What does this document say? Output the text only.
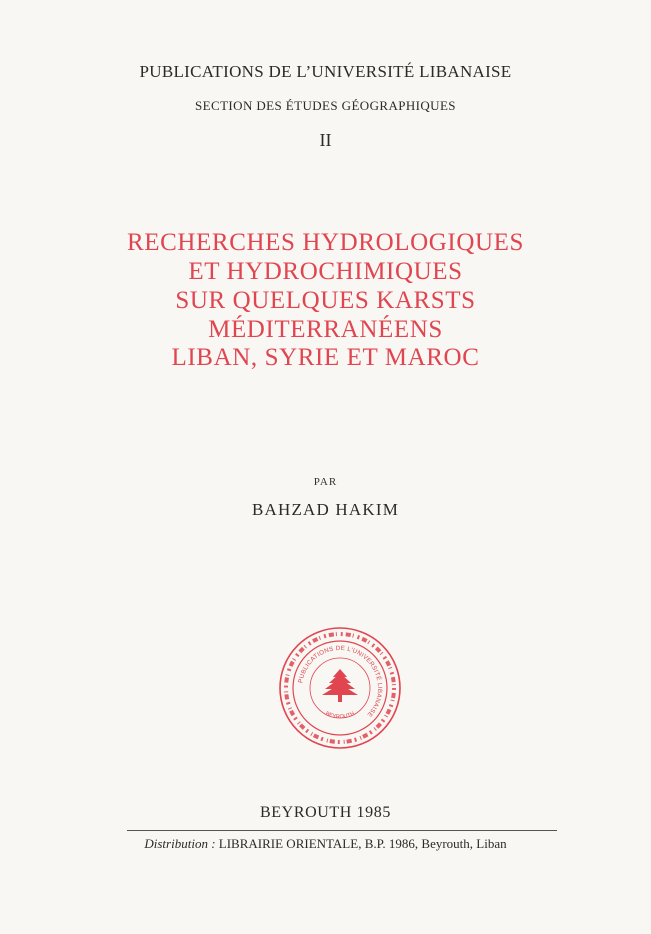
PUBLICATIONS DE L’UNIVERSITÉ LIBANAISE
SECTION DES ÉTUDES GÉOGRAPHIQUES
II
RECHERCHES HYDROLOGIQUES
ET HYDROCHIMIQUES
SUR QUELQUES KARSTS
MÉDITERRANÉENS
LIBAN, SYRIE ET MAROC
PAR
BAHZAD HAKIM
PUBLICATIONS DE L'UNIVERSITÉ LIBANAISE
BEYROUTH
BEYROUTH 1985
Distribution : LIBRAIRIE ORIENTALE, B.P. 1986, Beyrouth, Liban
